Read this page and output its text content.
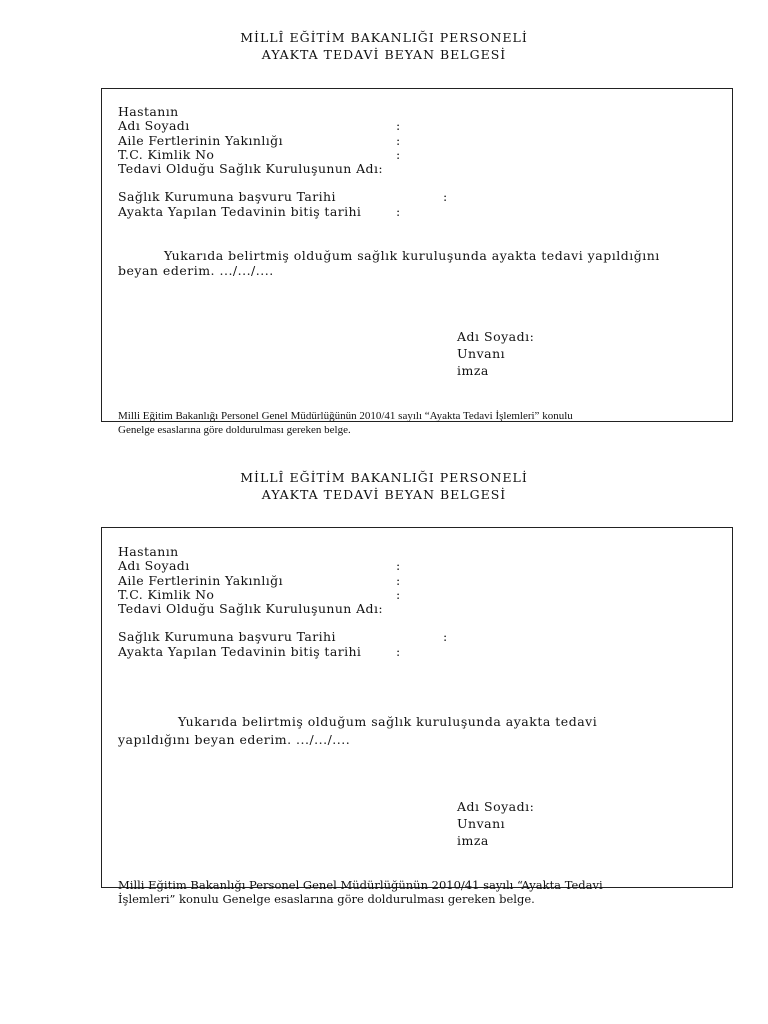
MİLLÎ EĞİTİM BAKANLIĞI PERSONELİ
AYAKTA TEDAVİ BEYAN BELGESİ
Hastanın
Adı Soyadı	:
Aile Fertlerinin Yakınlığı	:
T.C. Kimlik No	:
Tedavi Olduğu Sağlık Kuruluşunun Adı:
Sağlık Kurumuna başvuru Tarihi	:
Ayakta Yapılan Tedavinin bitiş tarihi	:
Yukarıda belirtmiş olduğum sağlık kuruluşunda ayakta tedavi yapıldığını
beyan ederim. .../.../....
Adı Soyadı:
Unvanı
imza
Milli Eğitim Bakanlığı Personel Genel Müdürlüğünün 2010/41 sayılı “Ayakta Tedavi İşlemleri” konulu
Genelge esaslarına göre doldurulması gereken belge.
MİLLÎ EĞİTİM BAKANLIĞI PERSONELİ
AYAKTA TEDAVİ BEYAN BELGESİ
Hastanın
Adı Soyadı	:
Aile Fertlerinin Yakınlığı	:
T.C. Kimlik No	:
Tedavi Olduğu Sağlık Kuruluşunun Adı:
Sağlık Kurumuna başvuru Tarihi	:
Ayakta Yapılan Tedavinin bitiş tarihi	:
Yukarıda belirtmiş olduğum sağlık kuruluşunda ayakta tedavi
yapıldığını beyan ederim. .../.../....
Adı Soyadı:
Unvanı
imza
Milli Eğitim Bakanlığı Personel Genel Müdürlüğünün 2010/41 sayılı “Ayakta Tedavi
İşlemleri” konulu Genelge esaslarına göre doldurulması gereken belge.
